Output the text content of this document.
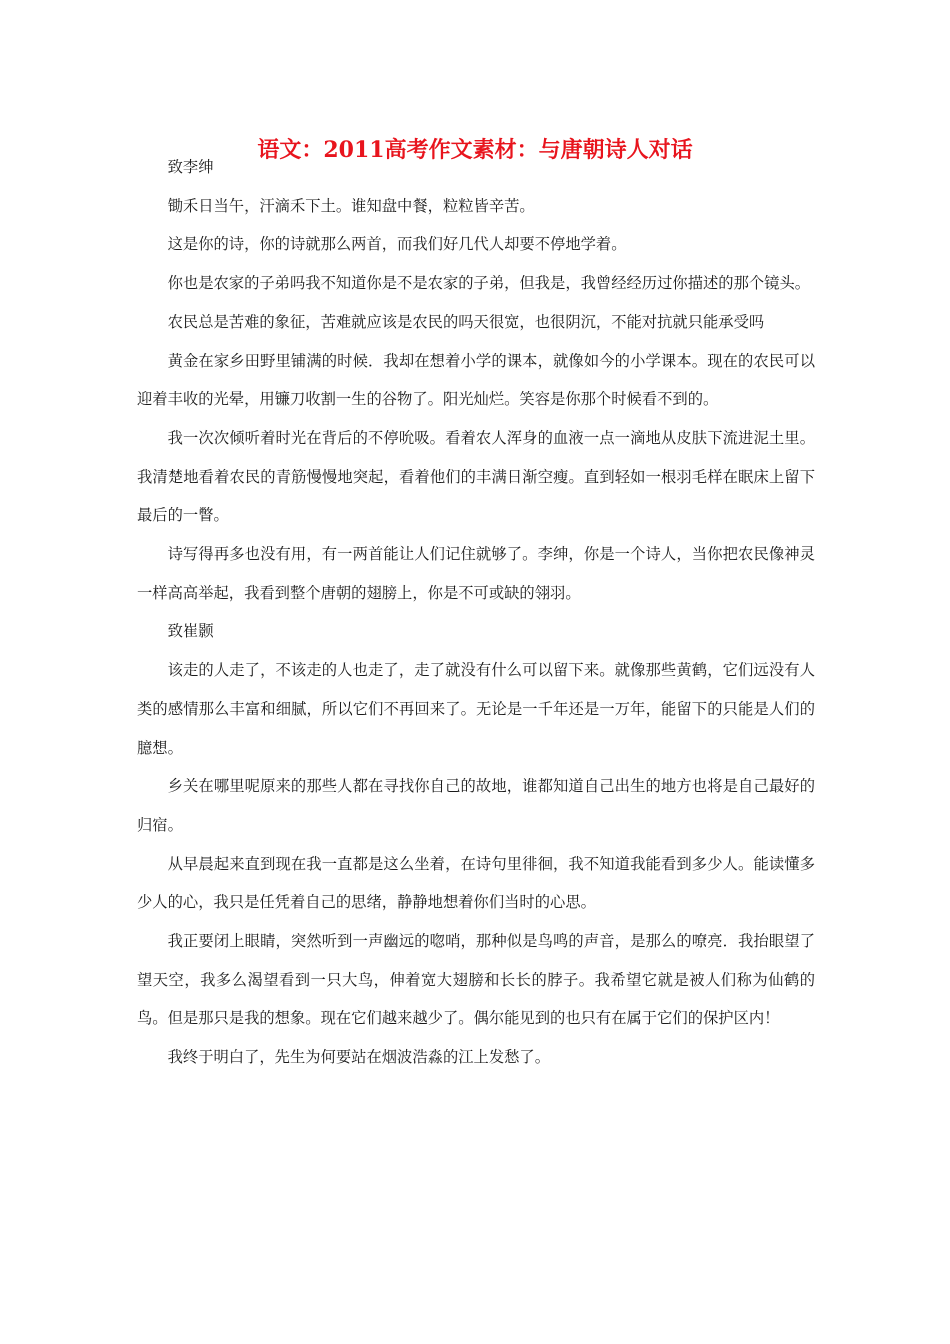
语文：2011高考作文素材：与唐朝诗人对话

致李绅

锄禾日当午，汗滴禾下土。谁知盘中餐，粒粒皆辛苦。

这是你的诗，你的诗就那么两首，而我们好几代人却要不停地学着。

你也是农家的子弟吗我不知道你是不是农家的子弟，但我是，我曾经经历过你描述的那个镜头。

农民总是苦难的象征，苦难就应该是农民的吗天很宽，也很阴沉，不能对抗就只能承受吗

黄金在家乡田野里铺满的时候．我却在想着小学的课本，就像如今的小学课本。现在的农民可以迎着丰收的光晕，用镰刀收割一生的谷物了。阳光灿烂。笑容是你那个时候看不到的。

我一次次倾听着时光在背后的不停吮吸。看着农人浑身的血液一点一滴地从皮肤下流进泥土里。我清楚地看着农民的青筋慢慢地突起，看着他们的丰满日渐空瘦。直到轻如一根羽毛样在眠床上留下最后的一瞥。

诗写得再多也没有用，有一两首能让人们记住就够了。李绅，你是一个诗人，当你把农民像神灵一样高高举起，我看到整个唐朝的翅膀上，你是不可或缺的翎羽。

致崔颢

该走的人走了，不该走的人也走了，走了就没有什么可以留下来。就像那些黄鹤，它们远没有人类的感情那么丰富和细腻，所以它们不再回来了。无论是一千年还是一万年，能留下的只能是人们的臆想。

乡关在哪里呢原来的那些人都在寻找你自己的故地，谁都知道自己出生的地方也将是自己最好的归宿。

从早晨起来直到现在我一直都是这么坐着，在诗句里徘徊，我不知道我能看到多少人。能读懂多少人的心，我只是任凭着自己的思绪，静静地想着你们当时的心思。

我正要闭上眼睛，突然听到一声幽远的唿哨，那种似是鸟鸣的声音，是那么的嘹亮．我抬眼望了望天空，我多么渴望看到一只大鸟，伸着宽大翅膀和长长的脖子。我希望它就是被人们称为仙鹤的鸟。但是那只是我的想象。现在它们越来越少了。偶尔能见到的也只有在属于它们的保护区内！

我终于明白了，先生为何要站在烟波浩淼的江上发愁了。
